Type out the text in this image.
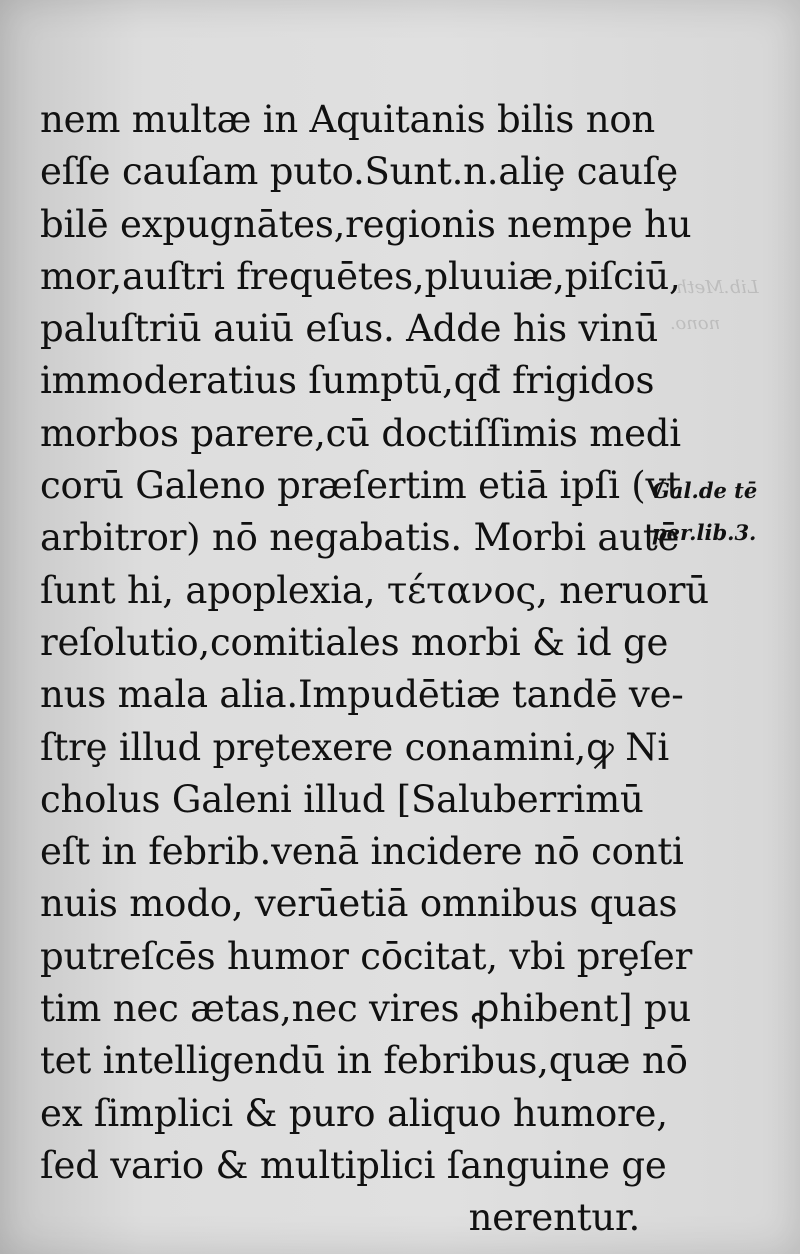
Lib.Meth.
nono.
nem multæ in Aquitanis bilis non
eſſe cauſam puto.Sunt.n.aliȩ cauſȩ
bilē expugnātes,regionis nempe hu
mor,auſtri frequētes,pluuiæ,piſciū,
paluſtriū auiū eſus. Adde his vinū
immoderatius ſumptū,qđ frigidos
morbos parere,cū doctiſſimis medi
corū Galeno præſertim etiā ipſi (vt
arbitror) nō negabatis. Morbi autē
ſunt hi, apoplexia, τέτανος, neruorū
reſolutio,comitiales morbi & id ge
nus mala alia.Impudētiæ tandē ve-
ſtrȩ illud prȩtexere conamini,ꝙ Ni
cholus Galeni illud [Saluberrimū
eſt in febrib.venā incidere nō conti
nuis modo, verūetiā omnibus quas
putreſcēs humor cōcitat, vbi prȩſer
tim nec ætas,nec vires ꝓhibent] pu
tet intelligendū in febribus,quæ nō
ex ſimplici & puro aliquo humore,
ſed vario & multiplici ſanguine ge
nerentur.
Gal.de tē
per.lib.3.
